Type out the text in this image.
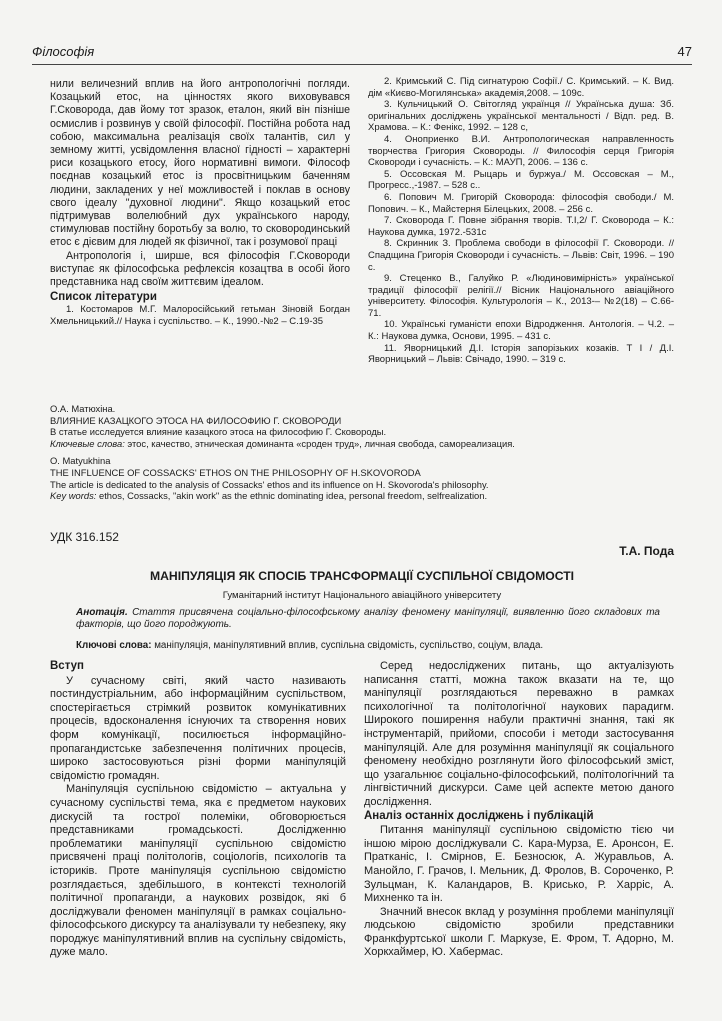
Філософія	47

нили величезний вплив на його антропологічні погляди. Козацький етос, на цінностях якого виховувався Г.Сковорода, дав йому тот зразок, еталон, який він пізніше осмислив і розвинув у своїй філософії. Постійна робота над собою, максимальна реалізація своїх талантів, сил у земному житті, усвідомлення власної гідності – характерні риси козацького етосу, його нормативні вимоги. Філософ поєднав козацький етос із просвітницьким баченням людини, закладених у неї можливостей і поклав в основу свого ідеалу "духовної людини". Якщо козацький етос підтримував волелюбний дух українського народу, стимулював постійну боротьбу за волю, то сковородинський етос є дієвим для людей як фізичної, так і розумової праці

Антропологія і, ширше, вся філософія Г.Сковороди виступає як філософська рефлексія козацтва в особі його представника над своїм життєвим ідеалом.

Список літератури

1. Костомаров М.Г. Малоросійський гетьман Зіновій Богдан Хмельницький.// Наука і суспільство. – К., 1990.-№2 – С.19-35

2. Кримський С. Під сигнатурою Софії./ С. Кримський. – К. Вид. дім «Києво-Могилянська» академія,2008. – 109с.

3. Кульчицький О. Світогляд українця // Українська душа: Зб. оригінальних досліджень української ментальності / Відп. ред. В. Храмова. – К.: Фенікс, 1992. – 128 с,

4. Оноприенко В.И. Антропологическая направленность творчества Григория Сковороды. // Философія серця Григорія Сковороди і сучасність. – К.: МАУП, 2006. – 136 с.

5. Оссовская М. Рыцарь и буржуа./ М. Оссовская – М., Прогресс.,-1987. – 528 с..

6. Попович М. Григорій Сковорода: філософія свободи./ М. Попович. – К., Майстерня Білецьких, 2008. – 256 с.

7. Сковорода Г. Повне зібрання творів. Т.І,2/ Г. Сковорода – К.: Наукова думка, 1972.-531с

8. Скринник З. Проблема свободи в філософії Г. Сковороди. // Спадщина Григорія Сковороди і сучасність. – Львів: Світ, 1996. – 190 с.

9. Стеценко В., Галуйко Р. «Людиновимірність» української традиції філософії релігії.// Вісник Національного авіаційного університету. Філософія. Культурологія – К., 2013-– №2(18) – С.66-71.

10. Українські гуманісти епохи Відродження. Антологія. – Ч.2. – К.: Наукова думка, Основи, 1995. – 431 с.

11. Яворницький Д.І. Історія запорізьких козаків. Т І / Д.І. Яворницький – Львів: Свічадо, 1990. – 319 с.

О.А. Матюхіна.
ВЛИЯНИЕ КАЗАЦКОГО ЭТОСА НА ФИЛОСОФИЮ Г. СКОВОРОДИ
В статье исследуется влияние казацкого этоса на философию Г. Сковороды.
Ключевые слова: этос, качество, этническая доминанта «сроден труд», личная свобода, самореализация.
O. Matyukhina
THE INFLUENCE OF COSSACKS' ETHOS ON THE PHILOSOPHY OF H.SKOVORODA
The article is dedicated to the analysis of Cossacks' ethos and its influence on H. Skovoroda's philosophy.
Key words: ethos, Cossacks, "akin work" as the ethnic dominating idea, personal freedom, selfrealization.
УДК 316.152
Т.А. Пода
МАНІПУЛЯЦІЯ ЯК СПОСІБ ТРАНСФОРМАЦІЇ СУСПІЛЬНОЇ СВІДОМОСТІ
Гуманітарний інститут Національного авіаційного університету
Анотація. Стаття присвячена соціально-філософському аналізу феномену маніпуляції, виявленню його складових та факторів, що його породжують.
Ключові слова: маніпуляція, маніпулятивний вплив, суспільна свідомість, суспільство, соціум, влада.
Вступ

У сучасному світі, який часто називають постиндустріальним, або інформаційним суспільством, спостерігається стрімкий розвиток комунікативних процесів, вдосконалення існуючих та створення нових форм комунікації, посилюється інформаційно-пропагандистське забезпечення політичних процесів, широко застосовуються різні форми маніпуляцій свідомістю громадян.

Маніпуляція суспільною свідомістю – актуальна у сучасному суспільстві тема, яка є предметом наукових дискусій та гострої полеміки, обговорюється представниками громадськості. Дослідженню проблематики маніпуляції суспільною свідомістю присвячені праці політологів, соціологів, психологів та істориків. Проте маніпуляція суспільною свідомістю розглядається, здебільшого, в контексті технологій політичної пропаганди, а наукових розвідок, які б досліджували феномен маніпуляції в рамках соціально-філософського дискурсу та аналізували ту небезпеку, яку породжує маніпулятивний вплив на суспільну свідомість, дуже мало.

Серед недосліджених питань, що актуалізують написання статті, можна також вказати на те, що маніпуляції розглядаються переважно в рамках психологічної та політологічної наукових парадигм. Широкого поширення набули практичні знання, такі як інструментарій, прийоми, способи і методи застосування маніпуляцій. Але для розуміння маніпуляції як соціального феномену необхідно розглянути його філософський зміст, що узагальнює соціально-філософський, політологічний та лінгвістичний дискурси. Саме цей аспекте метою даного дослідження.

Аналіз останніх досліджень і публікацій

Питання маніпуляції суспільною свідомістю тією чи іншою мірою досліджували С. Кара-Мурза, Е. Аронсон, Е. Пратканіс, І. Смірнов, Е. Безносюк, А. Журавльов, А. Манойло, Г. Грачов, І. Мельник, Д. Фролов, В. Сороченко, Р. Зульцман, К. Каландаров, В. Крисько, Р. Харріс, А. Михненко та ін.

Значний внесок вклад у розуміння проблеми маніпуляції людською свідомістю зробили представники Франкфуртської школи Г. Маркузе, Е. Фром, Т. Адорно, М. Хоркхаймер, Ю. Хабермас.
